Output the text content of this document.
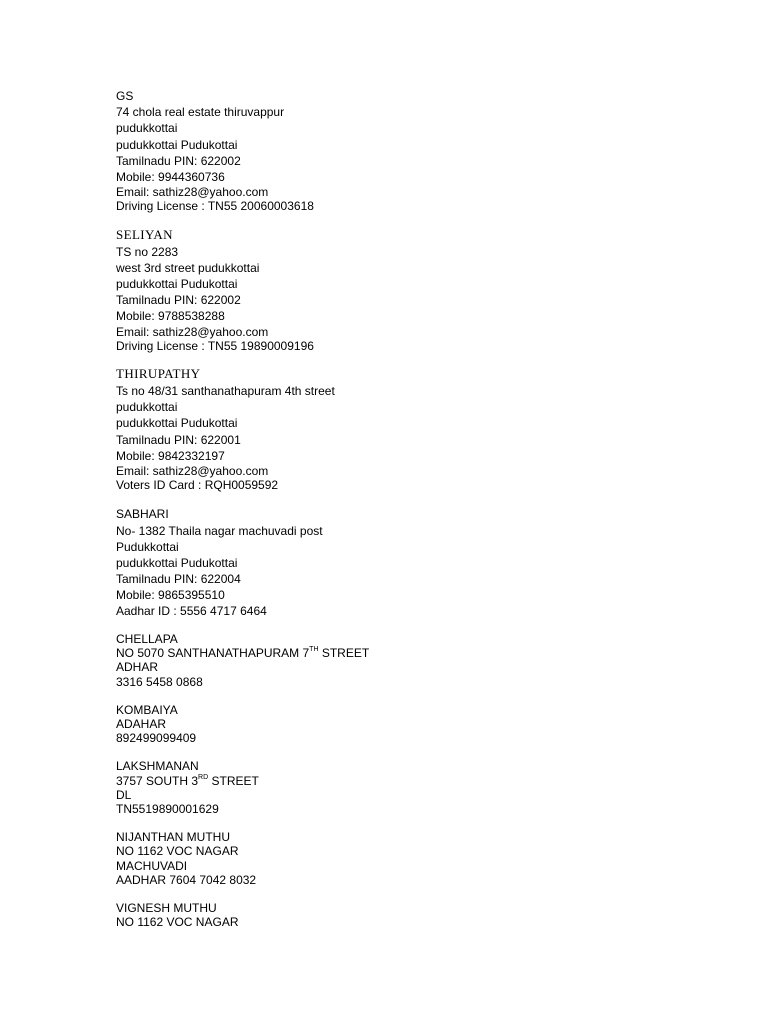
GS
74 chola real estate thiruvappur
pudukkottai
pudukkottai Pudukottai
Tamilnadu PIN: 622002
Mobile: 9944360736
Email: sathiz28@yahoo.com
Driving License : TN55 20060003618
SELIYAN
TS no 2283
west 3rd street pudukkottai
pudukkottai Pudukottai
Tamilnadu PIN: 622002
Mobile: 9788538288
Email: sathiz28@yahoo.com
Driving License : TN55 19890009196
THIRUPATHY
Ts no 48/31 santhanathapuram 4th street
pudukkottai
pudukkottai Pudukottai
Tamilnadu PIN: 622001
Mobile: 9842332197
Email: sathiz28@yahoo.com
Voters ID Card : RQH0059592
SABHARI
No- 1382 Thaila nagar machuvadi post
Pudukkottai
pudukkottai Pudukottai
Tamilnadu PIN: 622004
Mobile: 9865395510
Aadhar ID : 5556 4717 6464
CHELLAPA
NO 5070 SANTHANATHAPURAM 7TH STREET
ADHAR
3316 5458 0868
KOMBAIYA
ADAHAR
892499099409
LAKSHMANAN
3757 SOUTH 3RD STREET
DL
TN5519890001629
NIJANTHAN MUTHU
NO 1162 VOC NAGAR
MACHUVADI
AADHAR 7604 7042 8032
VIGNESH MUTHU
NO 1162 VOC NAGAR
